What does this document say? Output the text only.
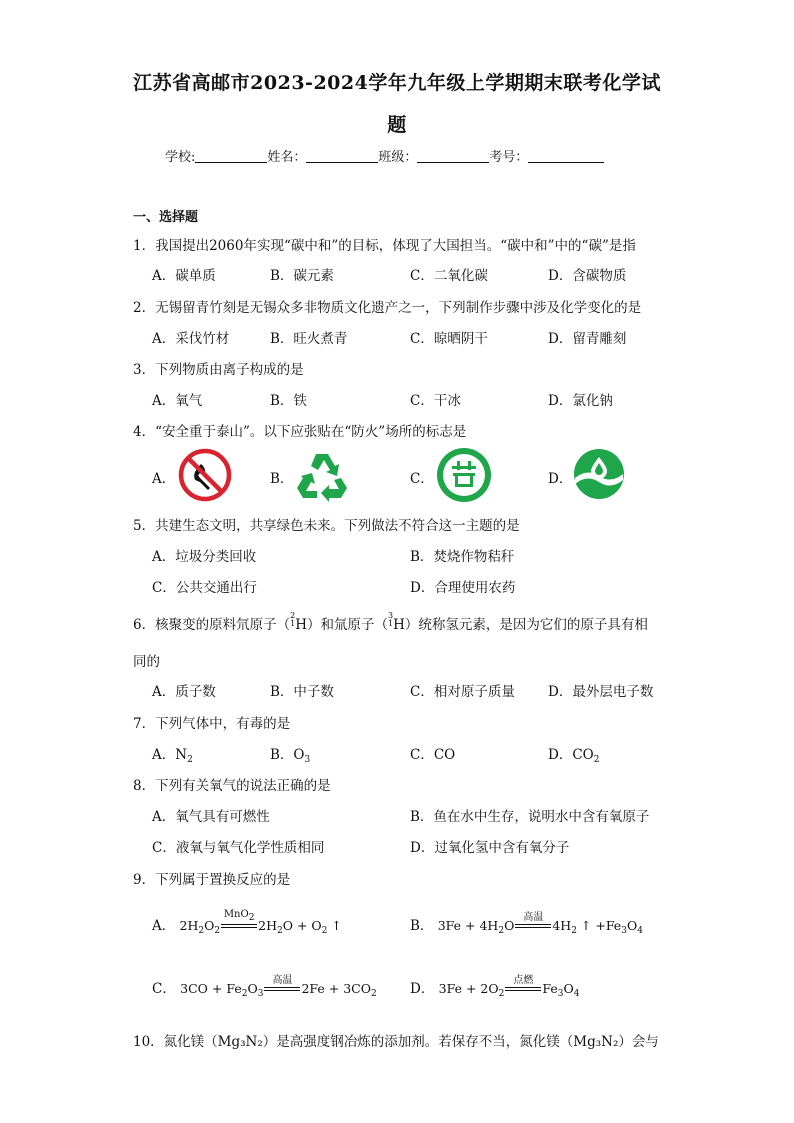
江苏省高邮市2023-2024学年九年级上学期期末联考化学试
题
学校:	姓名：	班级：	考号：
一、选择题
1．我国提出2060年实现“碳中和”的目标，体现了大国担当。“碳中和”中的“碳”是指
A．碳单质	B．碳元素	C．二氧化碳	D．含碳物质
2．无锡留青竹刻是无锡众多非物质文化遗产之一，下列制作步骤中涉及化学变化的是
A．采伐竹材	B．旺火煮青	C．晾晒阴干	D．留青雕刻
3．下列物质由离子构成的是
A．氧气	B．铁	C．干冰	D．氯化钠
4．“安全重于泰山”。以下应张贴在“防火”场所的标志是
A．	B．	C．	D．
5．共建生态文明，共享绿色未来。下列做法不符合这一主题的是
A．垃圾分类回收	B．焚烧作物秸秆
C．公共交通出行	D．合理使用农药
6．核聚变的原料氘原子（2
1H）和氚原子（3
1H）统称氢元素，是因为它们的原子具有相
同的
A．质子数	B．中子数	C．相对原子质量 D．最外层电子数
7．下列气体中，有毒的是
A．$N_2$	B．$O_3$	C．CO	D．$CO_2$
8．下列有关氧气的说法正确的是
A．氧气具有可燃性	B．鱼在水中生存，说明水中含有氧原子
C．液氧与氧气化学性质相同	D．过氧化氢中含有氧分子
9．下列属于置换反应的是
A． $2H_2O_2$
MnO$_2$ $2H_2O + O_2$ ↑	B． $3Fe + 4H_2O$
高温
$4H_2$ ↑ $+Fe_3O_4$
C． $3CO + Fe_2O_3$
高温
$2Fe + 3CO_2$ D． $3Fe + 2O_2$
点燃
$Fe_3O_4$
10．氮化镁（Mg₃N₂）是高强度钢冶炼的添加剂。若保存不当，氮化镁（Mg₃N₂）会与
